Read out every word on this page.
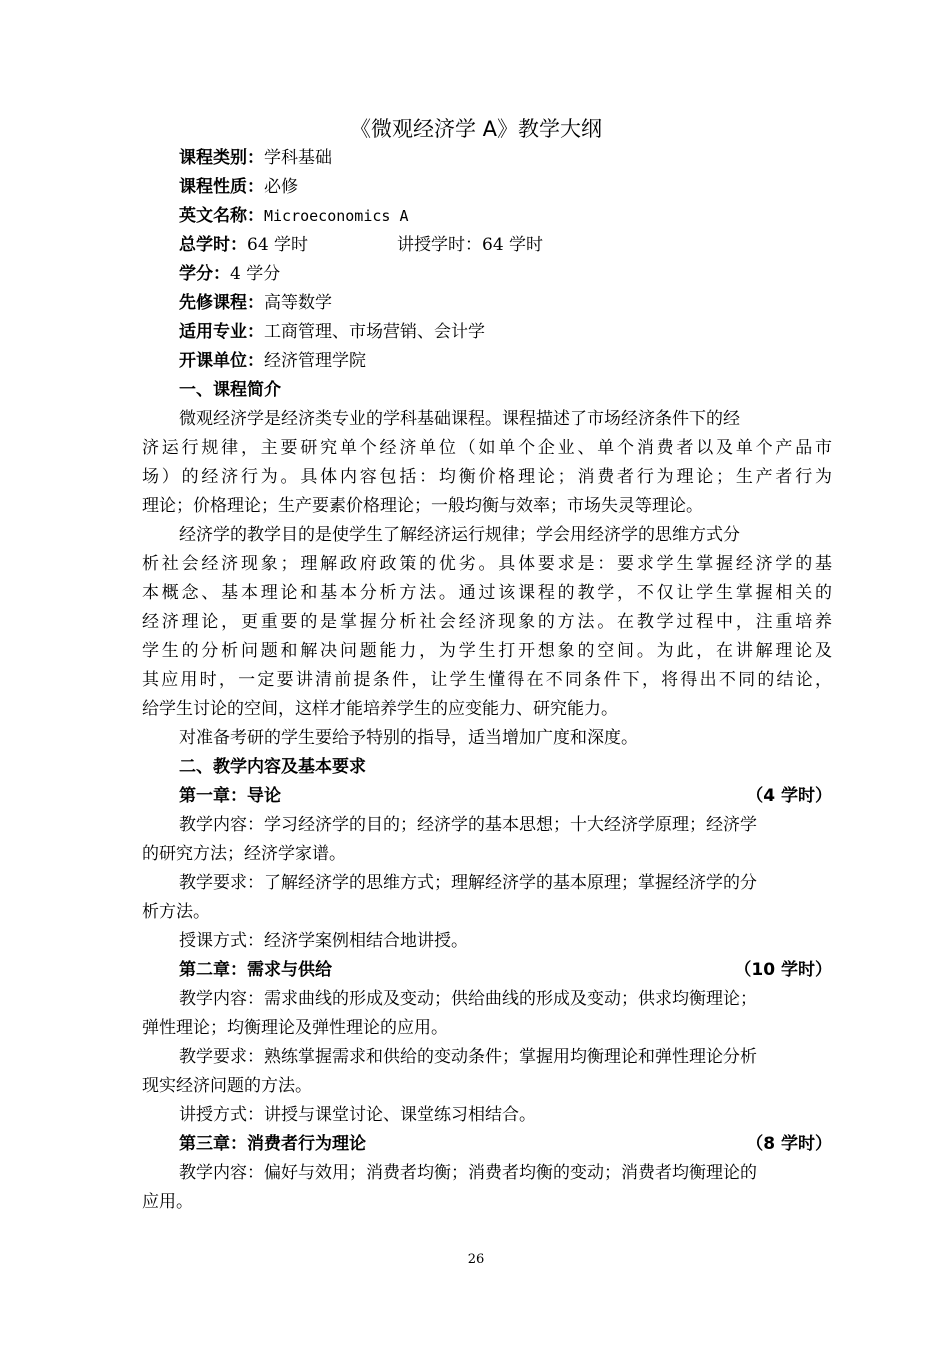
《微观经济学 A》教学大纲
课程类别：学科基础
课程性质：必修
英文名称：Microeconomics A
总学时：64 学时	讲授学时：64 学时
学分：4 学分
先修课程：高等数学
适用专业：工商管理、市场营销、会计学
开课单位：经济管理学院
一、课程简介
微观经济学是经济类专业的学科基础课程。课程描述了市场经济条件下的经
济运行规律，主要研究单个经济单位（如单个企业、单个消费者以及单个产品市
场）的经济行为。具体内容包括：均衡价格理论；消费者行为理论；生产者行为
理论；价格理论；生产要素价格理论；一般均衡与效率；市场失灵等理论。
经济学的教学目的是使学生了解经济运行规律；学会用经济学的思维方式分
析社会经济现象；理解政府政策的优劣。具体要求是：要求学生掌握经济学的基
本概念、基本理论和基本分析方法。通过该课程的教学，不仅让学生掌握相关的
经济理论，更重要的是掌握分析社会经济现象的方法。在教学过程中，注重培养
学生的分析问题和解决问题能力，为学生打开想象的空间。为此，在讲解理论及
其应用时，一定要讲清前提条件，让学生懂得在不同条件下，将得出不同的结论，
给学生讨论的空间，这样才能培养学生的应变能力、研究能力。
对准备考研的学生要给予特别的指导，适当增加广度和深度。
二、教学内容及基本要求
第一章：导论	（4 学时）
教学内容：学习经济学的目的；经济学的基本思想；十大经济学原理；经济学
的研究方法；经济学家谱。
教学要求：了解经济学的思维方式；理解经济学的基本原理；掌握经济学的分
析方法。
授课方式：经济学案例相结合地讲授。
第二章：需求与供给	（10 学时）
教学内容：需求曲线的形成及变动；供给曲线的形成及变动；供求均衡理论；
弹性理论；均衡理论及弹性理论的应用。
教学要求：熟练掌握需求和供给的变动条件；掌握用均衡理论和弹性理论分析
现实经济问题的方法。
讲授方式：讲授与课堂讨论、课堂练习相结合。
第三章：消费者行为理论	（8 学时）
教学内容：偏好与效用；消费者均衡；消费者均衡的变动；消费者均衡理论的
应用。
26
